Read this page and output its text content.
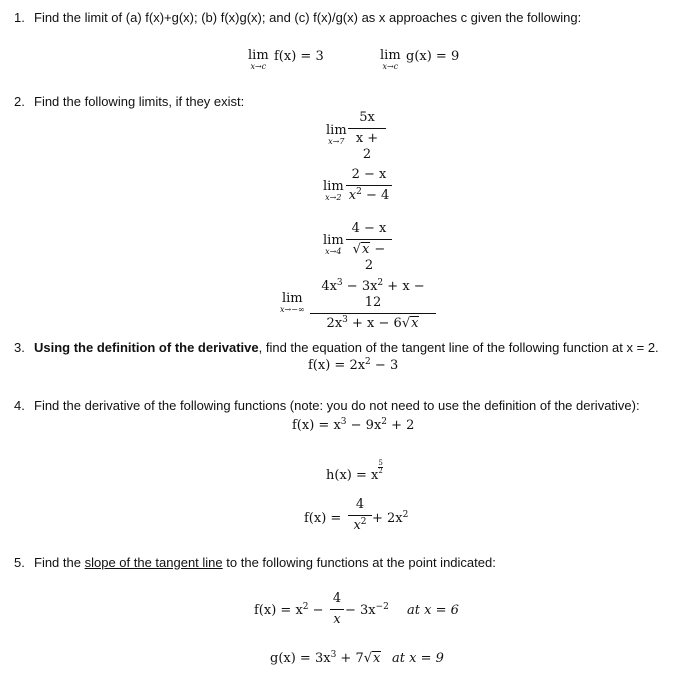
1. Find the limit of (a) f(x)+g(x); (b) f(x)g(x); and (c) f(x)/g(x) as x approaches c given the following:
lim
x→c
f(x) = 3	lim
x→c
g(x) = 9
2. Find the following limits, if they exist:
lim
$x\to 7 \frac{5x}{x + 2}$
lim
$x\to 2 \frac{2 - x}{x^2 - 4}$
lim
$x\to 4 \frac{4 - x}{√x - 2}$
lim
$x\to-\infty \frac{4x^3 - 3x^2 + x - 12}{2x^3 + x - 6√x}$
3. Using the definition of the derivative, find the equation of the tangent line of the following function at x = 2.
$f(x) = 2x^2 - 3$
4. Find the derivative of the following functions (note: you do not need to use the definition of the derivative):
$f(x) = x^3 - 9x^2 + 2$
h(x) = x
$\frac{5}{2}$
$f(x) = \frac{4}{x^2} + 2x^2$
5. Find the slope of the tangent line to the following functions at the point indicated:
$f(x) = x^2 - \frac{4}{x} - 3x^{-2}$ at x = 6
$g(x) = 3x^3 + 7√x$ at x = 9
